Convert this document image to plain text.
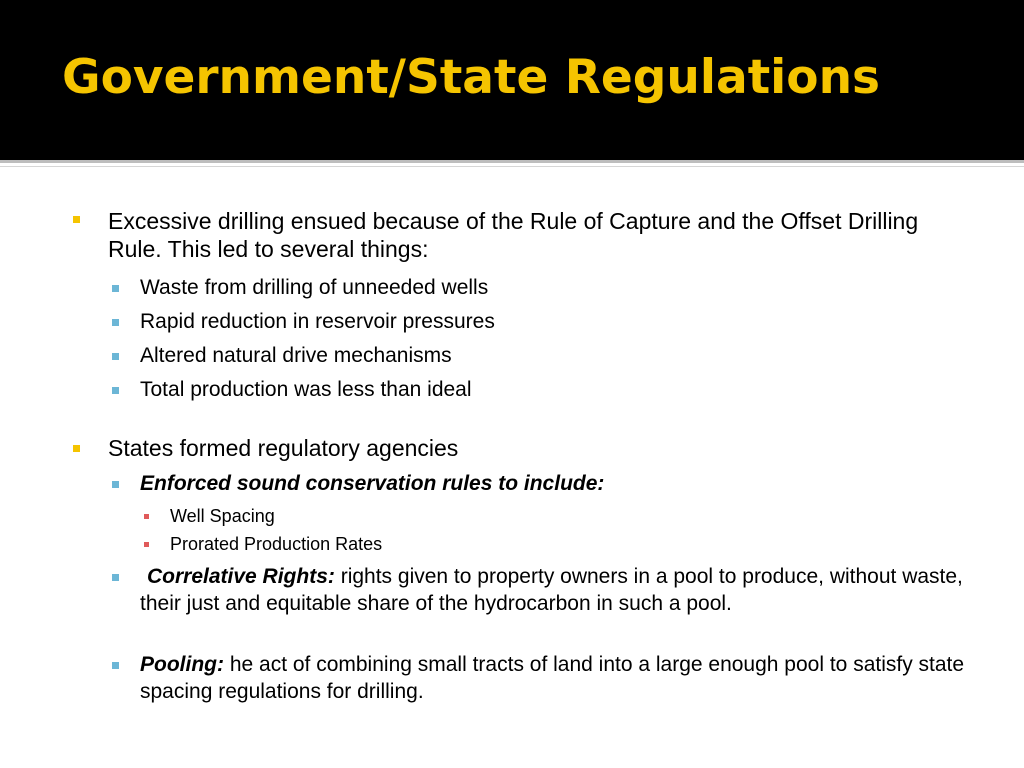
Government/State Regulations

Excessive drilling ensued because of the Rule of Capture and the Offset Drilling Rule. This led to several things:

Waste from drilling of unneeded wells

Rapid reduction in reservoir pressures

Altered natural drive mechanisms

Total production was less than ideal

States formed regulatory agencies

Enforced sound conservation rules to include:

Well Spacing

Prorated Production Rates

Correlative Rights: rights given to property owners in a pool to produce, without waste, their just and equitable share of the hydrocarbon in such a pool.

Pooling: he act of combining small tracts of land into a large enough pool to satisfy state spacing regulations for drilling.
